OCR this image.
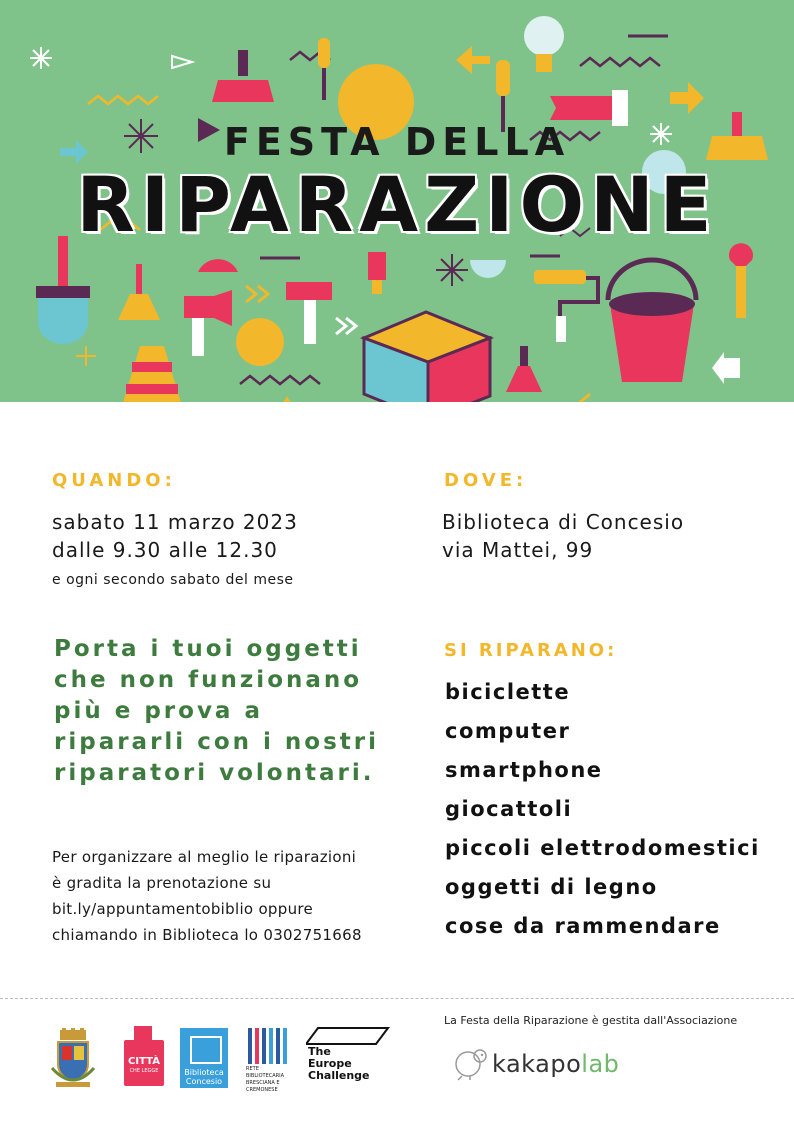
FESTA DELLA
RIPARAZIONE
QUANDO:
sabato 11 marzo 2023
dalle 9.30 alle 12.30
e ogni secondo sabato del mese
DOVE:
Biblioteca di Concesio
via Mattei, 99
Porta i tuoi oggetti che non funzionano più e prova a ripararli con i nostri riparatori volontari.
Per organizzare al meglio le riparazioni
è gradita la prenotazione su
bit.ly/appuntamentobiblio oppure
chiamando in Biblioteca lo 0302751668
SI RIPARANO:
biciclette
computer
smartphone
giocattoli
piccoli elettrodomestici
oggetti di legno
cose da rammendare
CITTÀ
CHE LEGGE	Biblioteca Concesio
RETE BIBLIOTECARIA BRESCIANA E CREMONESE
The
Europe
Challenge
La Festa della Riparazione è gestita dall'Associazione
kakapo lab
